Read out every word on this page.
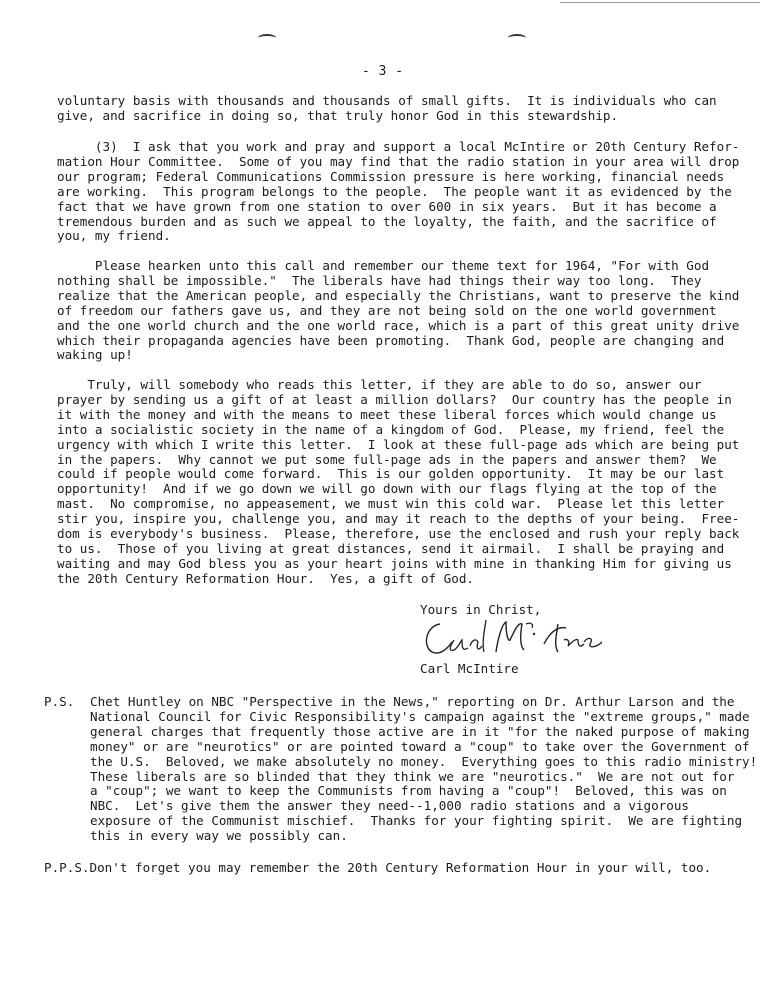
- 3 -

voluntary basis with thousands and thousands of small gifts.  It is individuals who can
give, and sacrifice in doing so, that truly honor God in this stewardship.

(3)  I ask that you work and pray and support a local McIntire or 20th Century Refor-
mation Hour Committee.  Some of you may find that the radio station in your area will drop
our program; Federal Communications Commission pressure is here working, financial needs
are working.  This program belongs to the people.  The people want it as evidenced by the
fact that we have grown from one station to over 600 in six years.  But it has become a
tremendous burden and as such we appeal to the loyalty, the faith, and the sacrifice of
you, my friend.

Please hearken unto this call and remember our theme text for 1964, "For with God
nothing shall be impossible."  The liberals have had things their way too long.  They
realize that the American people, and especially the Christians, want to preserve the kind
of freedom our fathers gave us, and they are not being sold on the one world government
and the one world church and the one world race, which is a part of this great unity drive
which their propaganda agencies have been promoting.  Thank God, people are changing and
waking up!

Truly, will somebody who reads this letter, if they are able to do so, answer our
prayer by sending us a gift of at least a million dollars?  Our country has the people in
it with the money and with the means to meet these liberal forces which would change us
into a socialistic society in the name of a kingdom of God.  Please, my friend, feel the
urgency with which I write this letter.  I look at these full-page ads which are being put
in the papers.  Why cannot we put some full-page ads in the papers and answer them?  We
could if people would come forward.  This is our golden opportunity.  It may be our last
opportunity!  And if we go down we will go down with our flags flying at the top of the
mast.  No compromise, no appeasement, we must win this cold war.  Please let this letter
stir you, inspire you, challenge you, and may it reach to the depths of your being.  Free-
dom is everybody's business.  Please, therefore, use the enclosed and rush your reply back
to us.  Those of you living at great distances, send it airmail.  I shall be praying and
waiting and may God bless you as your heart joins with mine in thanking Him for giving us
the 20th Century Reformation Hour.  Yes, a gift of God.

Yours in Christ,
Carl McIntire
P.S. Chet Huntley on NBC "Perspective in the News," reporting on Dr. Arthur Larson and the
National Council for Civic Responsibility's campaign against the "extreme groups," made
general charges that frequently those active are in it "for the naked purpose of making
money" or are "neurotics" or are pointed toward a "coup" to take over the Government of
the U.S.  Beloved, we make absolutely no money.  Everything goes to this radio ministry!
These liberals are so blinded that they think we are "neurotics."  We are not out for
a "coup"; we want to keep the Communists from having a "coup"!  Beloved, this was on
NBC.  Let's give them the answer they need--1,000 radio stations and a vigorous
exposure of the Communist mischief.  Thanks for your fighting spirit.  We are fighting
this in every way we possibly can.

P.P.S.Don't forget you may remember the 20th Century Reformation Hour in your will, too.
